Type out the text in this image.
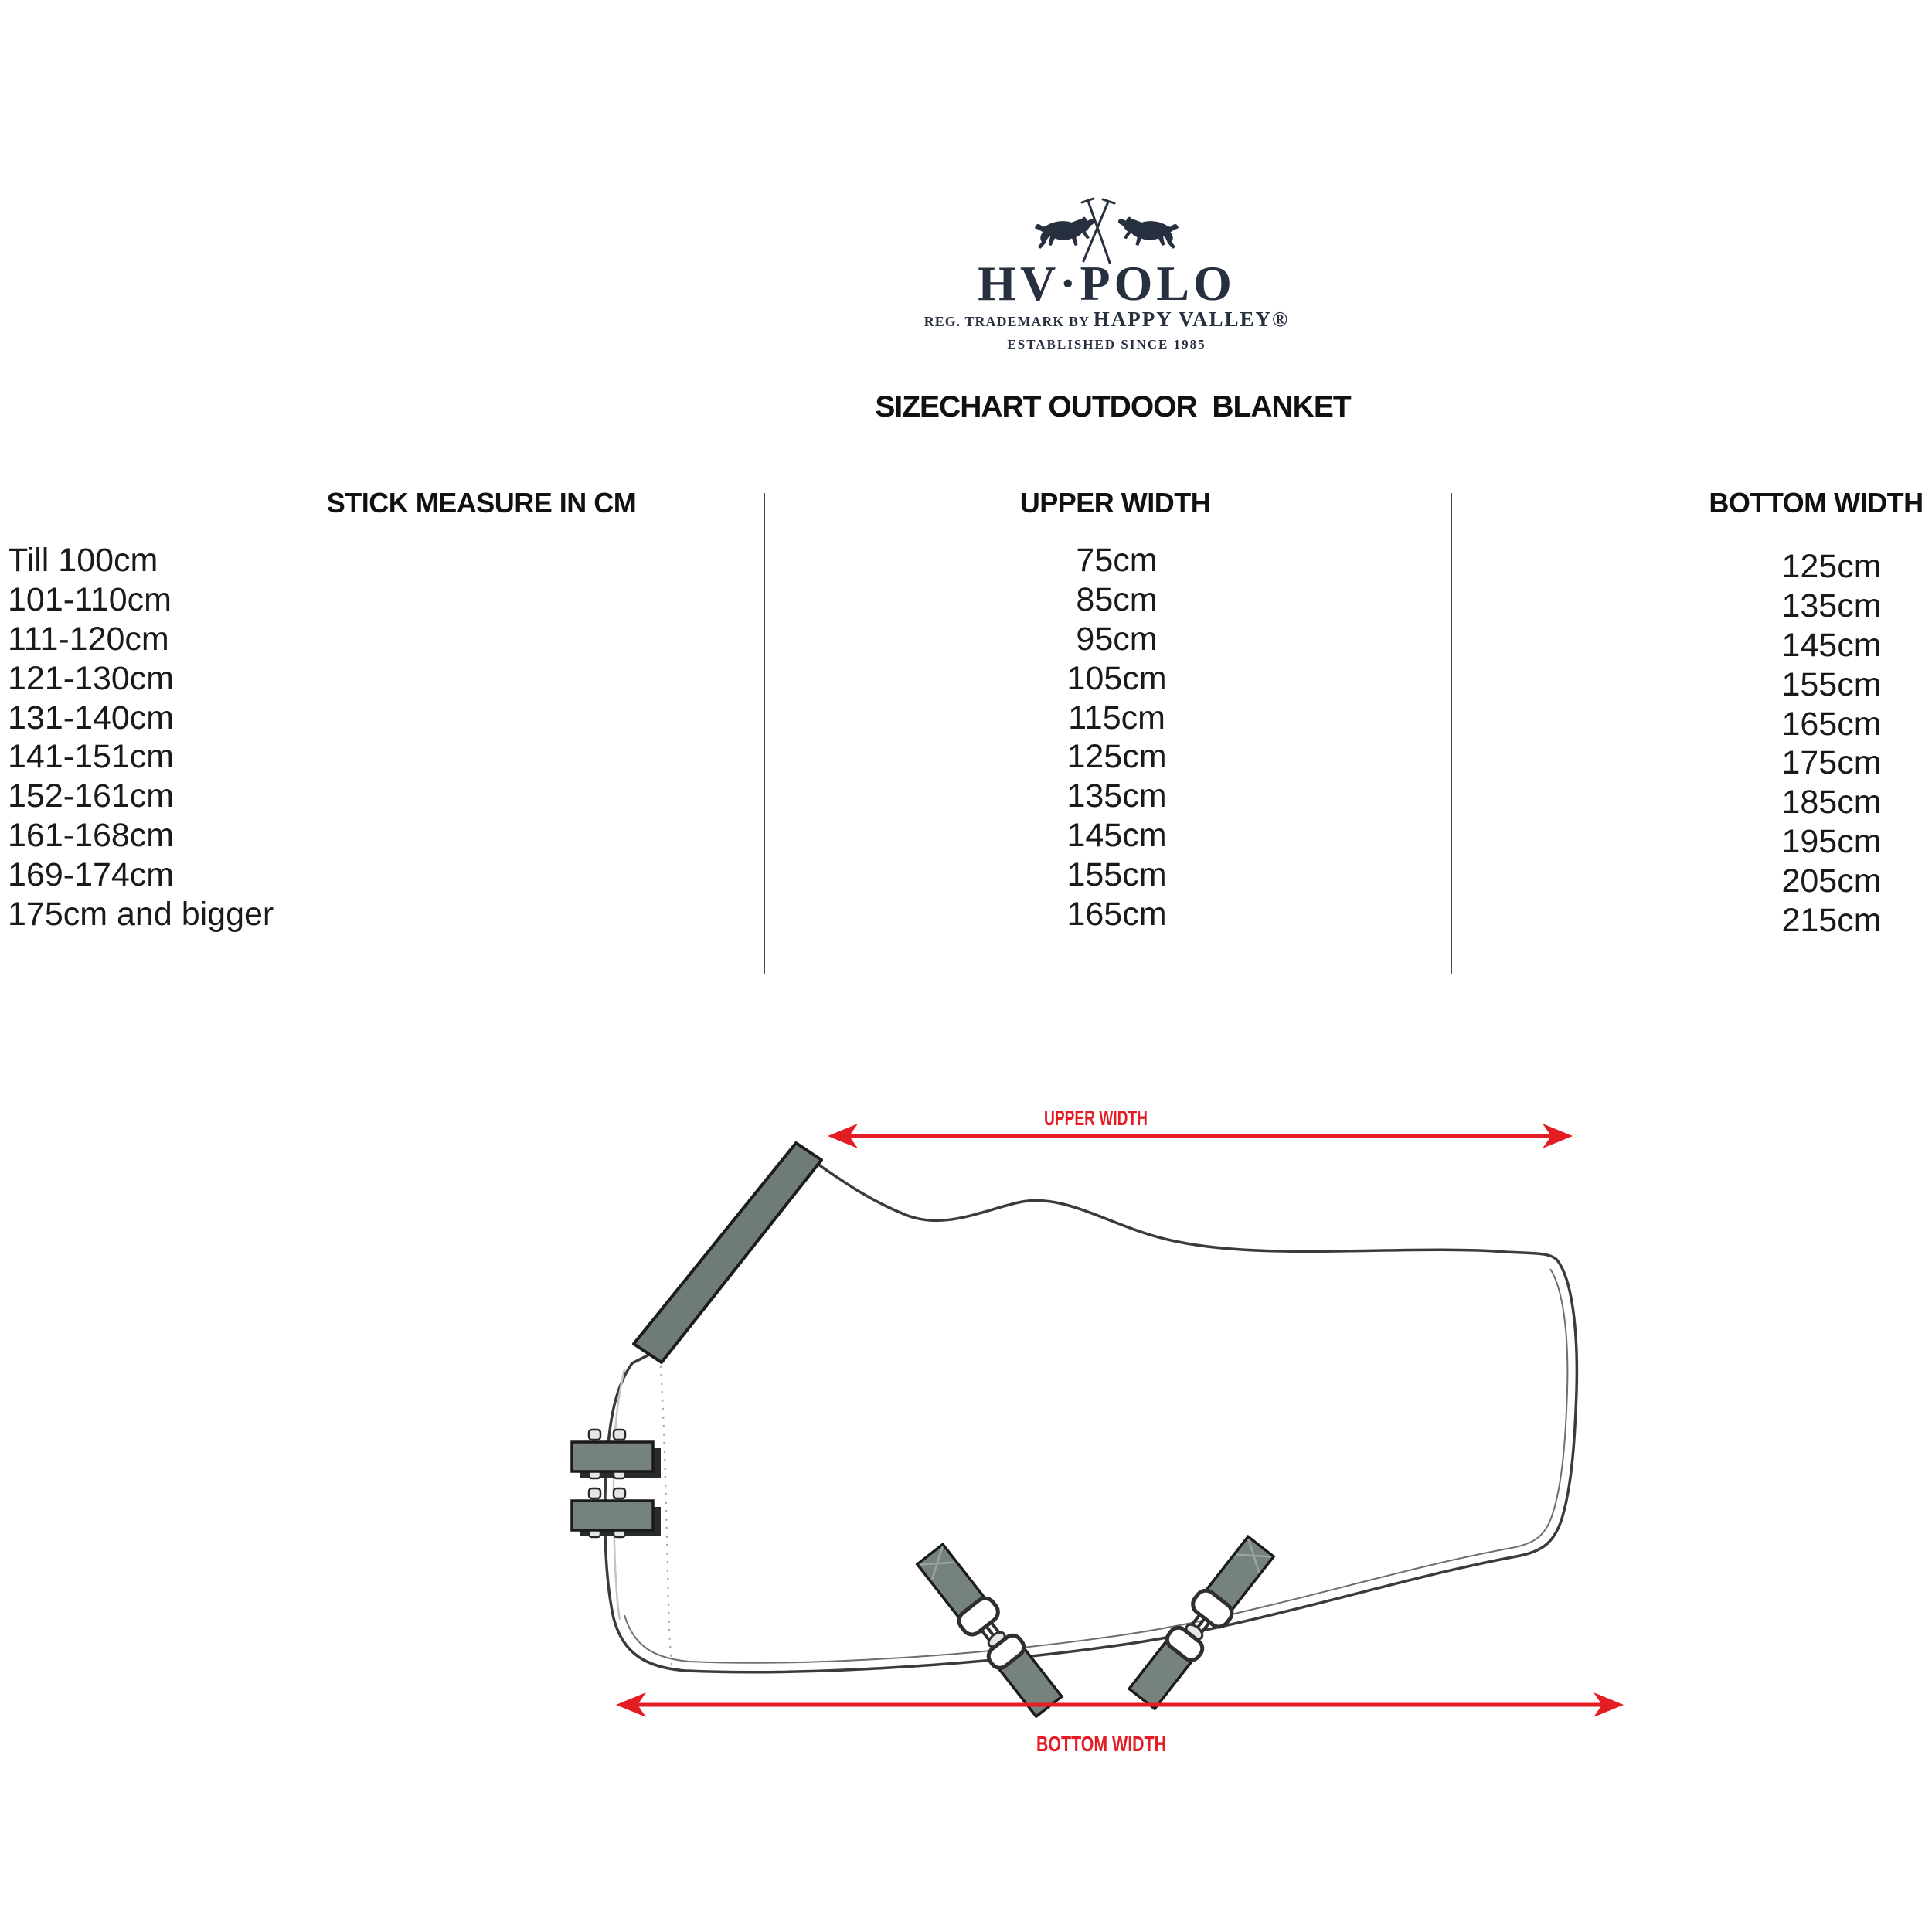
HV·POLO
REG. TRADEMARK BY HAPPY VALLEY®
ESTABLISHED SINCE 1985
SIZECHART OUTDOOR  BLANKET
STICK MEASURE IN CM	UPPER WIDTH	BOTTOM WIDTH
Till 100cm
101-110cm
111-120cm
121-130cm
131-140cm
141-151cm
152-161cm
161-168cm
169-174cm
175cm and bigger
75cm
85cm
95cm
105cm
115cm
125cm
135cm
145cm
155cm
165cm
125cm
135cm
145cm
155cm
165cm
175cm
185cm
195cm
205cm
215cm
UPPER WIDTH
BOTTOM WIDTH
